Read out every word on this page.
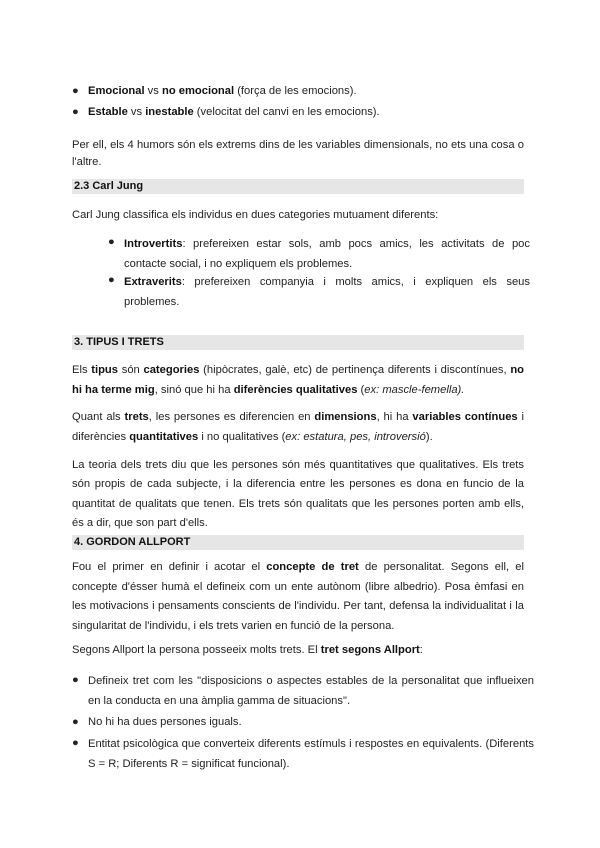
● Emocional vs no emocional (força de les emocions).
● Estable vs inestable (velocitat del canvi en les emocions).

Per ell, els 4 humors són els extrems dins de les variables dimensionals, no ets una cosa o l'altre.

2.3 Carl Jung

Carl Jung classifica els individus en dues categories mutuament diferents:

● Introvertits: prefereixen estar sols, amb pocs amics, les activitats de poc contacte social, i no expliquem els problemes.
● Extraverits: prefereixen companyia i molts amics, i expliquen els seus problemes.
3. TIPUS I TRETS

Els tipus són categories (hipòcrates, galè, etc) de pertinença diferents i discontínues, no hi ha terme mig, sinó que hi ha diferències qualitatives (ex: mascle-femella).

Quant als trets, les persones es diferencien en dimensions, hi ha variables contínues i diferències quantitatives i no qualitatives (ex: estatura, pes, introversió).

La teoria dels trets diu que les persones són més quantitatives que qualitatives. Els trets són propis de cada subjecte, i la diferencia entre les persones es dona en funcio de la quantitat de qualitats que tenen. Els trets són qualitats que les persones porten amb ells, és a dir, que son part d'ells.

4. GORDON ALLPORT

Fou el primer en definir i acotar el concepte de tret de personalitat. Segons ell, el concepte d'ésser humà el defineix com un ente autònom (libre albedrio). Posa èmfasi en les motivacions i pensaments conscients de l'individu. Per tant, defensa la individualitat i la singularitat de l'individu, i els trets varien en funció de la persona.

Segons Allport la persona posseeix molts trets. El tret segons Allport:

● Defineix tret com les "disposicions o aspectes estables de la personalitat que influeixen en la conducta en una àmplia gamma de situacions".
● No hi ha dues persones iguals.
● Entitat psicològica que converteix diferents estímuls i respostes en equivalents. (Diferents S = R; Diferents R = significat funcional).
